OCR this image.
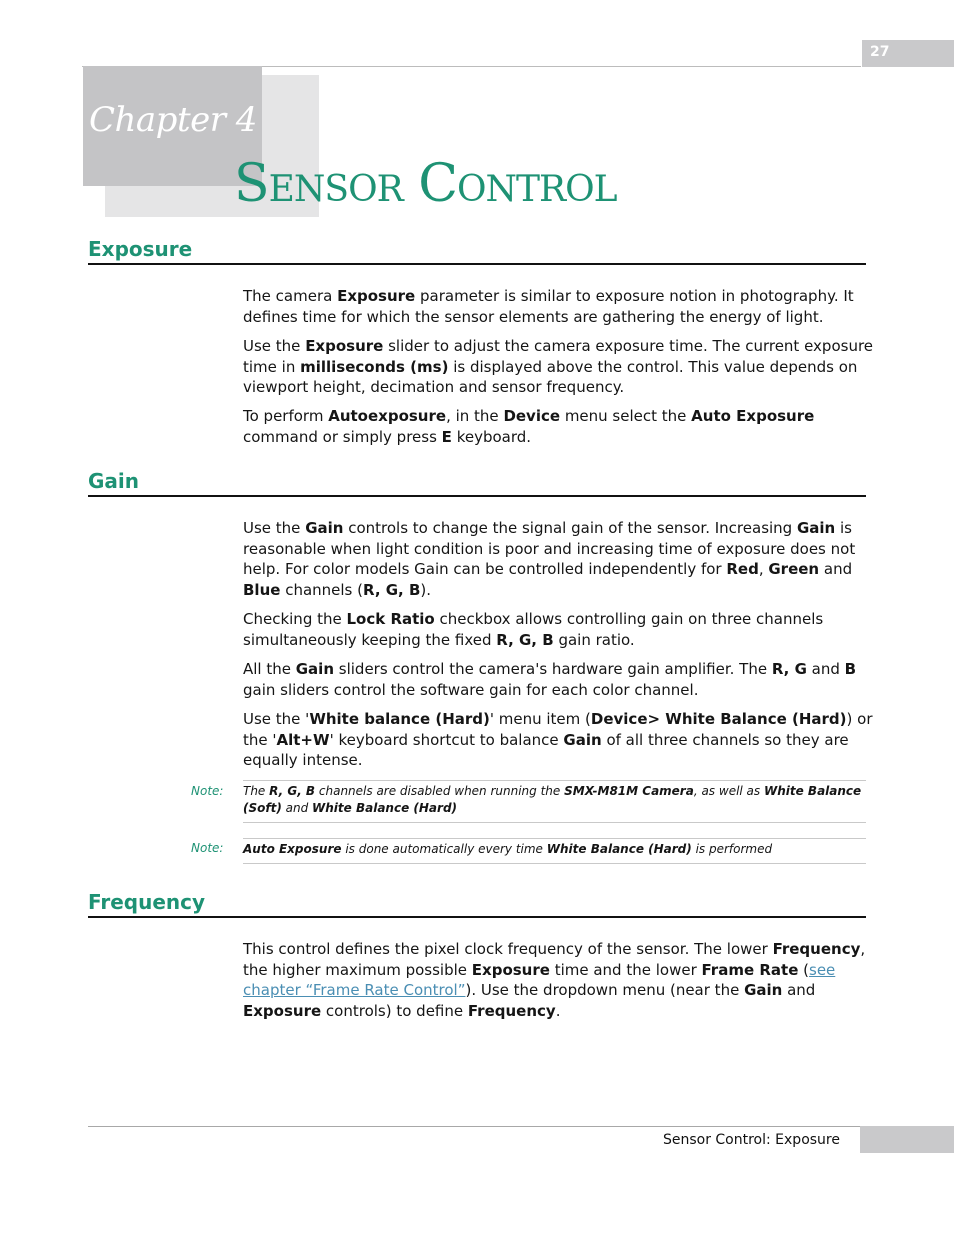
27
Chapter 4
Sensor Control
Exposure

The camera Exposure parameter is similar to exposure notion in photography. It defines time for which the sensor elements are gathering the energy of light.

Use the Exposure slider to adjust the camera exposure time. The current exposure time in milliseconds (ms) is displayed above the control. This value depends on viewport height, decimation and sensor frequency.

To perform Autoexposure, in the Device menu select the Auto Exposure command or simply press E keyboard.

Gain

Use the Gain controls to change the signal gain of the sensor. Increasing Gain is reasonable when light condition is poor and increasing time of exposure does not help. For color models Gain can be controlled independently for Red, Green and Blue channels (R, G, B).

Checking the Lock Ratio checkbox allows controlling gain on three channels simultaneously keeping the fixed R, G, B gain ratio.

All the Gain sliders control the camera's hardware gain amplifier. The R, G and B gain sliders control the software gain for each color channel.

Use the 'White balance (Hard)' menu item (Device> White Balance (Hard)) or the 'Alt+W' keyboard shortcut to balance Gain of all three channels so they are equally intense.

Note: The R, G, B channels are disabled when running the SMX-M81M Camera, as well as White Balance (Soft) and White Balance (Hard)
Note: Auto Exposure is done automatically every time White Balance (Hard) is performed
Frequency

This control defines the pixel clock frequency of the sensor. The lower Frequency, the higher maximum possible Exposure time and the lower Frame Rate (see chapter “Frame Rate Control”). Use the dropdown menu (near the Gain and Exposure controls) to define Frequency.

Sensor Control: Exposure
